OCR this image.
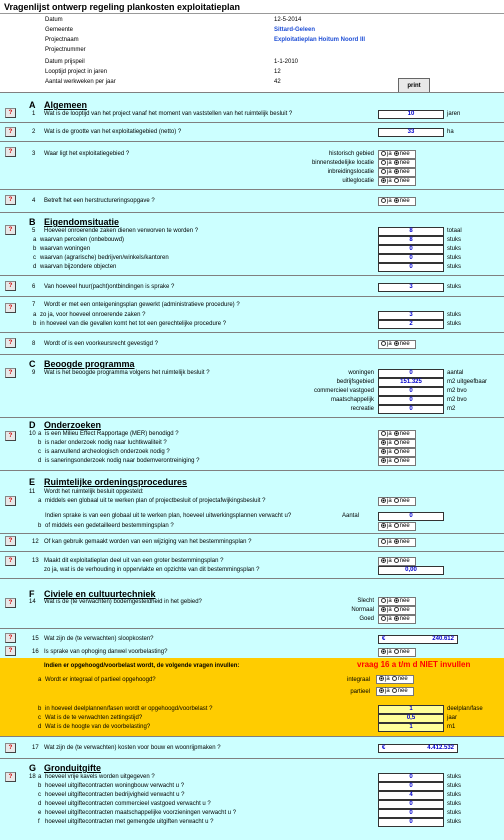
Vragenlijst ontwerp regeling plankosten exploitatieplan
Datum	12-5-2014
Gemeente	Sittard-Geleen
Projectnaam	Exploitatieplan Hoitum Noord III
Projectnummer
Datum prijspeil	1-1-2010
Looptijd project in jaren	12
Aantal werkweken per jaar	42
print
A Algemeen
?	1 Wat is de looptijd van het project vanaf het moment van vaststellen van het ruimtelijk besluit ?	10	jaren
?	2 Wat is de grootte van het exploitatiegebied (netto) ?	33	ha
?	3 Waar ligt het exploitatiegebied ?	historisch gebied	ja nee
binnenstedelijke locatie	ja nee
inbreidingslocatie	ja nee
uitleglocatie	ja nee
?	4 Betreft het een herstructureringsopgave ?	ja nee
B Eigendomsituatie
?	5 Hoeveel onroerende zaken dienen verworven te worden ?	8	totaal
a waarvan percelen (onbebouwd)	8	stuks
b waarvan woningen	0	stuks
c waarvan (agrarische) bedrijven/winkels/kantoren	0	stuks
d waarvan bijzondere objecten	0	stuks
?	6 Van hoeveel huur(pacht)ontbindingen is sprake ?	3	stuks
?	7 Wordt er met een onteigeningsplan gewerkt (administratieve procedure) ?
a zo ja, voor hoeveel onroerende zaken ?	3	stuks
b in hoeveel van die gevallen komt het tot een gerechtelijke procedure ?	2	stuks
?	8 Wordt of is een voorkeursrecht gevestigd ?	ja nee
C Beoogde programma
?	9 Wat is het beoogde programma volgens het ruimtelijk besluit ?	woningen	0	aantal
bedrijfsgebied	151.325	m2 uitgeefbaar
commercieel vastgoed	0	m2 bvo
maatschappelijk	0	m2 bvo
recreatie	0	m2
D Onderzoeken
?	10 a is een Milieu Effect Rapportage (MER) benodigd ?	ja nee
b is nader onderzoek nodig naar luchtkwaliteit ?	ja nee
c is aanvullend archeologisch onderzoek nodig ?	ja nee
d is saneringsonderzoek nodig naar bodemverontreiniging ?	ja nee
E Ruimtelijke ordeningsprocedures
11 Wordt het ruimtelijk besluit opgesteld:
?	a middels een globaal uit te werken plan of projectbesluit of projectafwijkingsbesluit ?	ja nee
Indien sprake is van een globaal uit te werken plan, hoeveel uitwerkingsplannen verwacht u?	Aantal	0
b of middels een gedetailleerd bestemmingsplan ?	ja nee
?	12 Of kan gebruik gemaakt worden van een wijziging van het bestemmingsplan ?	ja nee
?	13 Maakt dit exploitatieplan deel uit van een groter bestemmingsplan ?	ja nee
zo ja, wat is de verhouding in oppervlakte en opzichte van dit bestemmingsplan ?	0,00
F Civiele en cultuurtechniek
?	14 Wat is de (te verwachten) bodemgesteldheid in het gebied?	Slecht	ja nee
Normaal	ja nee
Goed	ja nee
?	15 Wat zijn de (te verwachten) sloopkosten?	€	240.612
?	16 Is sprake van ophoging danwel voorbelasting?	ja nee
Indien er opgehoogd/voorbelast wordt, de volgende vragen invullen:	vraag 16 a t/m d NIET invullen
a Wordt er integraal of partieel opgehoogd?	integraal	ja nee
partieel	ja nee
b in hoeveel deelplannen/fasen wordt er opgehoogd/voorbelast ?	1	deelplan/fase
c Wat is de te verwachten zettingstijd?	0,5	jaar
d Wat is de hoogte van de voorbelasting?	1	m1
?	17 Wat zijn de (te verwachten) kosten voor bouw en woonrijpmaken ?	€	4.412.532
G Gronduitgifte
?	18 a hoeveel vrije kavels worden uitgegeven ?	0	stuks
b hoeveel uitgiftecontracten woningbouw verwacht u ?	0	stuks
c hoeveel uitgiftecontracten bedrijvigheid verwacht u ?	4	stuks
d hoeveel uitgiftecontracten commercieel vastgoed verwacht u ?	0	stuks
e hoeveel uitgiftecontracten maatschappelijke voorzieningen verwacht u ?	0	stuks
f hoeveel uitgiftecontracten met gemengde uitgiften verwacht u ?	0	stuks
